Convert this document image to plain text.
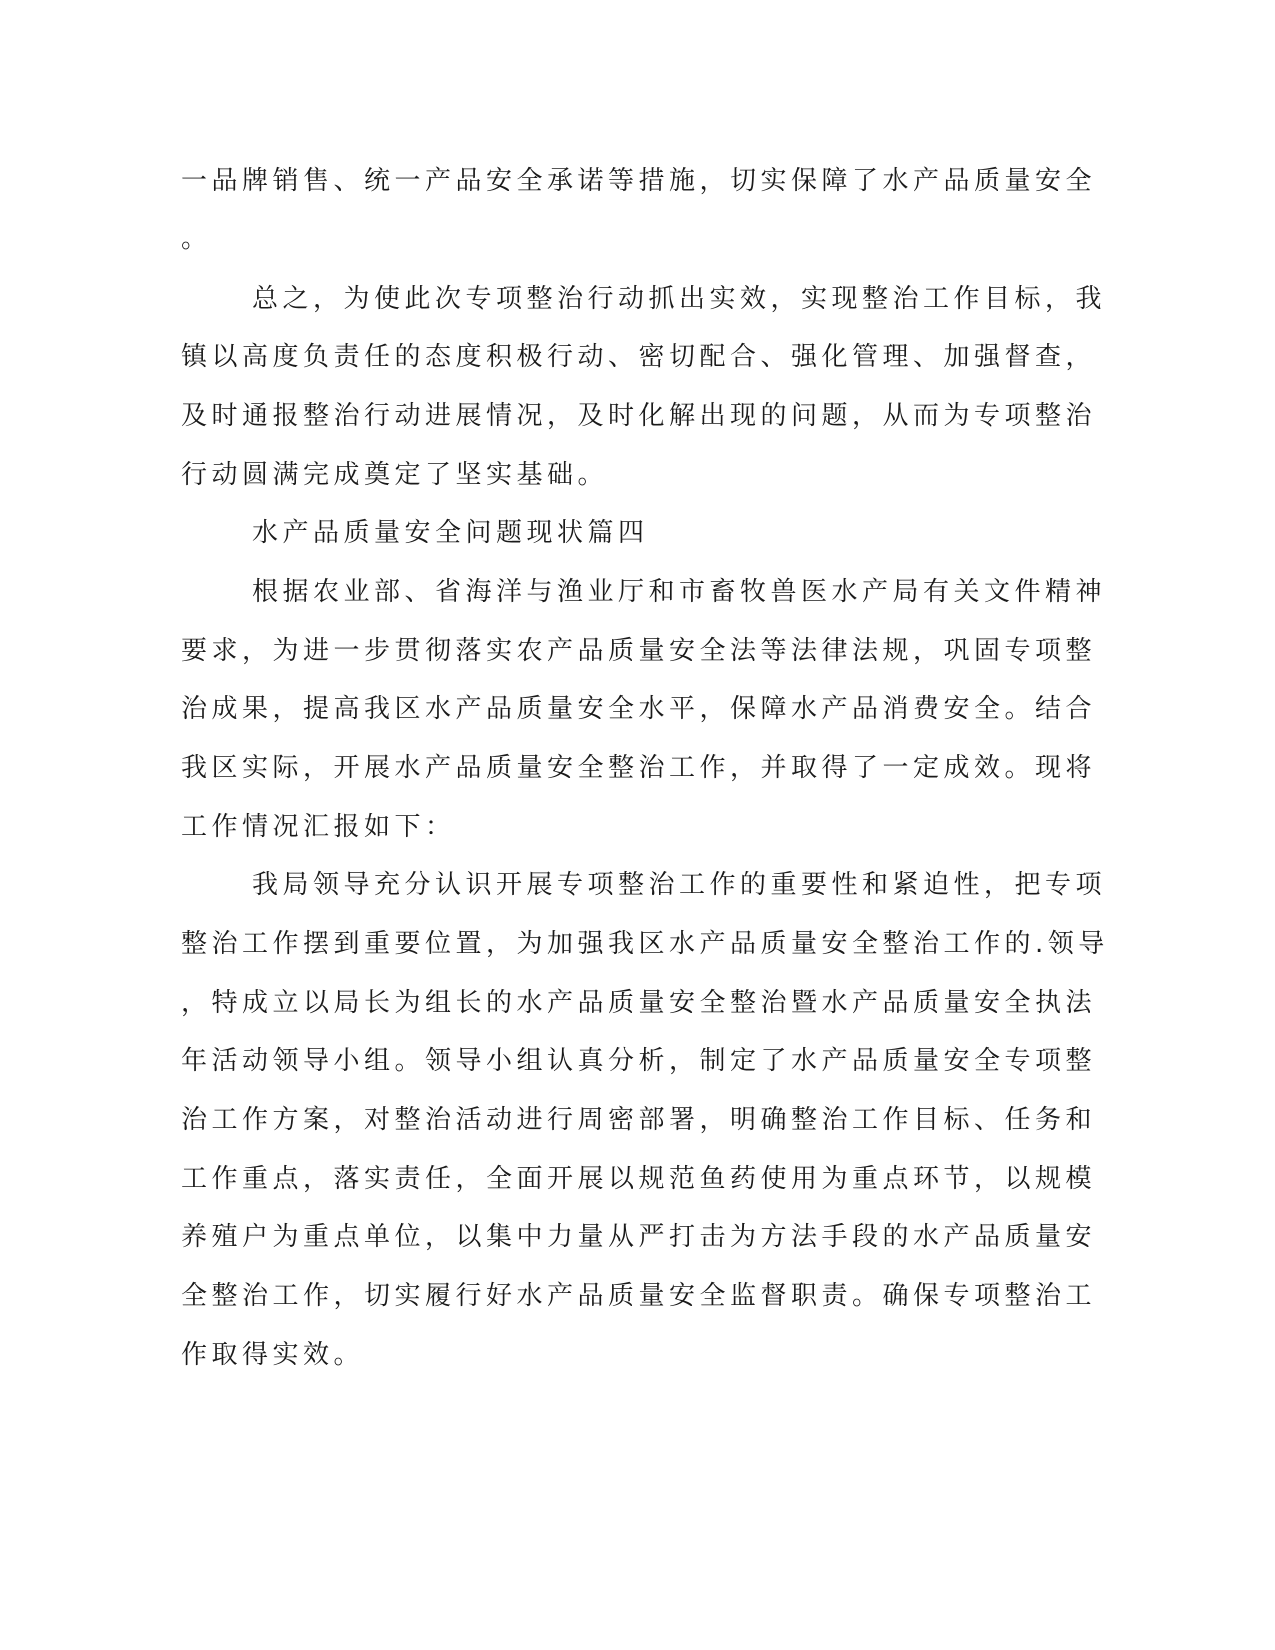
一品牌销售、统一产品安全承诺等措施，切实保障了水产品质量安全
。
总之，为使此次专项整治行动抓出实效，实现整治工作目标，我
镇以高度负责任的态度积极行动、密切配合、强化管理、加强督查，
及时通报整治行动进展情况，及时化解出现的问题，从而为专项整治
行动圆满完成奠定了坚实基础。
水产品质量安全问题现状篇四
根据农业部、省海洋与渔业厅和市畜牧兽医水产局有关文件精神
要求，为进一步贯彻落实农产品质量安全法等法律法规，巩固专项整
治成果，提高我区水产品质量安全水平，保障水产品消费安全。结合
我区实际，开展水产品质量安全整治工作，并取得了一定成效。现将
工作情况汇报如下：
我局领导充分认识开展专项整治工作的重要性和紧迫性，把专项
整治工作摆到重要位置，为加强我区水产品质量安全整治工作的.领导
，特成立以局长为组长的水产品质量安全整治暨水产品质量安全执法
年活动领导小组。领导小组认真分析，制定了水产品质量安全专项整
治工作方案，对整治活动进行周密部署，明确整治工作目标、任务和
工作重点，落实责任，全面开展以规范鱼药使用为重点环节，以规模
养殖户为重点单位，以集中力量从严打击为方法手段的水产品质量安
全整治工作，切实履行好水产品质量安全监督职责。确保专项整治工
作取得实效。
